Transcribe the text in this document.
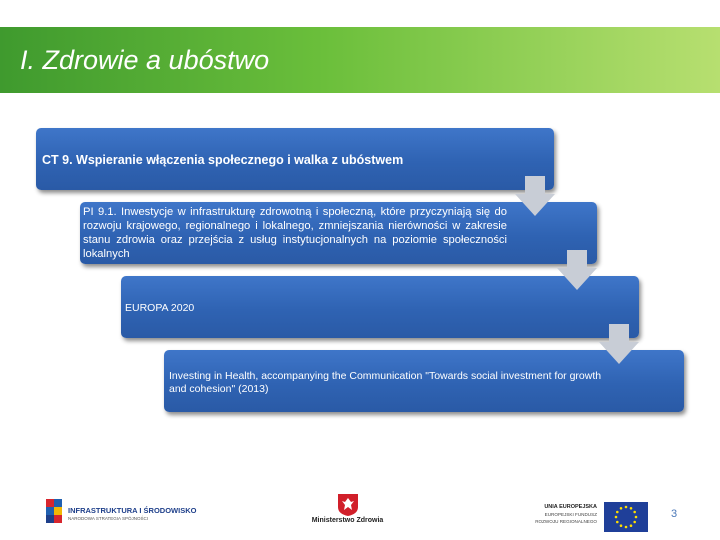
I. Zdrowie a ubóstwo
CT 9. Wspieranie włączenia społecznego i walka z ubóstwem
PI 9.1. Inwestycje w infrastrukturę zdrowotną i społeczną, które przyczyniają się do rozwoju krajowego, regionalnego i lokalnego, zmniejszania nierówności w zakresie stanu zdrowia oraz przejścia z usług instytucjonalnych na poziomie społeczności lokalnych
EUROPA 2020
Investing in Health, accompanying the Communication "Towards social investment for growth and cohesion" (2013)
INFRASTRUKTURA I ŚRODOWISKO
NARODOWA STRATEGIA SPÓJNOŚCI	Ministerstwo Zdrowia
UNIA EUROPEJSKA
EUROPEJSKI FUNDUSZ
ROZWOJU REGIONALNEGO
3
